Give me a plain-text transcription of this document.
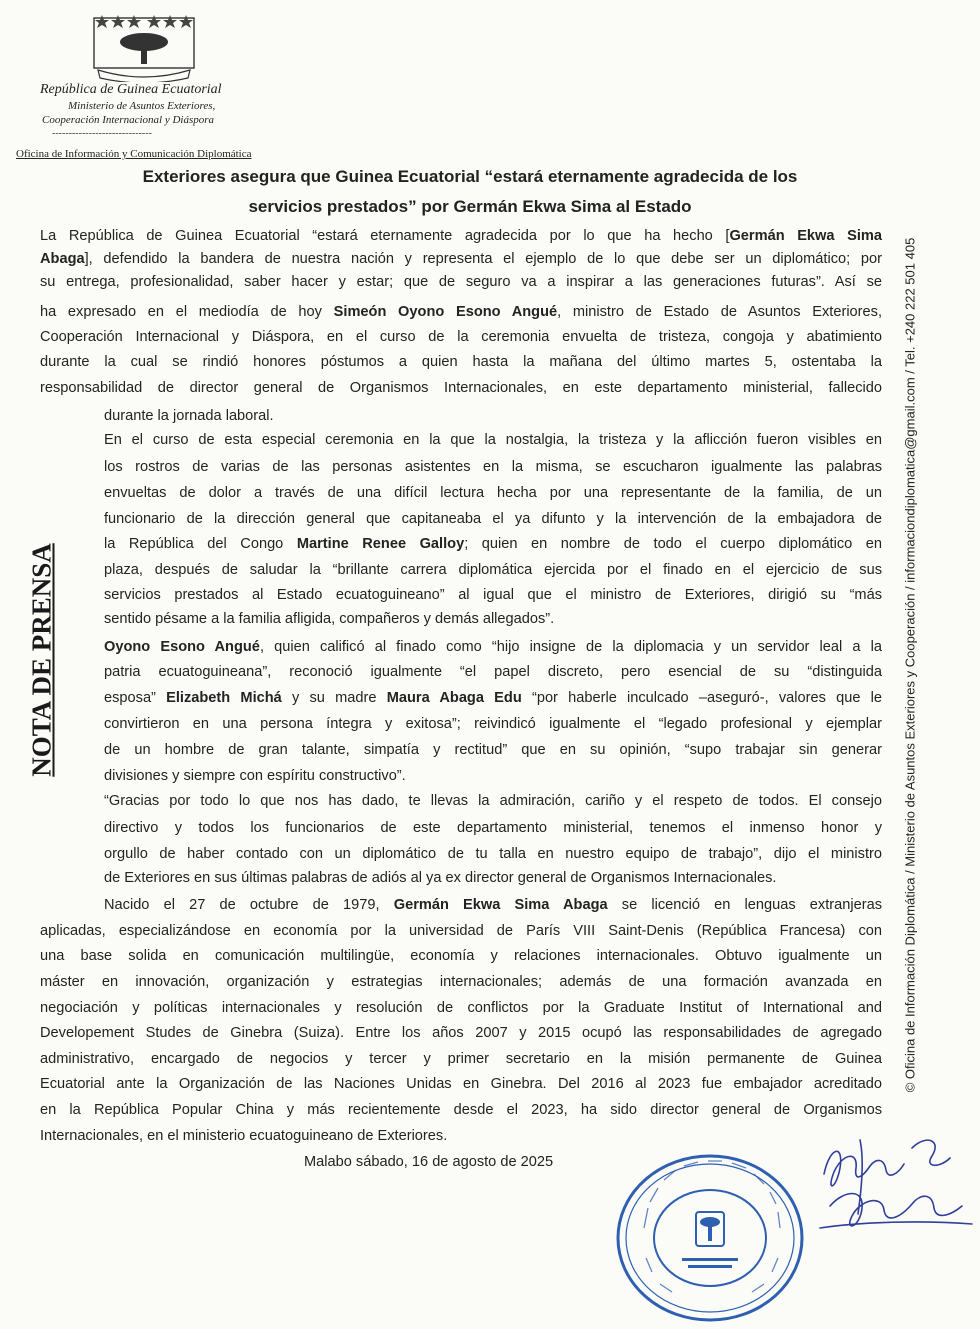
República de Guinea Ecuatorial
Ministerio de Asuntos Exteriores,
Cooperación Internacional y Diáspora
------------------------------
Oficina de Información y Comunicación Diplomática
Exteriores asegura que Guinea Ecuatorial “estará eternamente agradecida de los
servicios prestados” por Germán Ekwa Sima al Estado
NOTA DE PRENSA	© Oficina de Información Diplomática / Ministerio de Asuntos Exteriores y Cooperación / informaciondiplomatica@gmail.com / Tel. +240 222 501 405
La República de Guinea Ecuatorial “estará eternamente agradecida por lo que ha hecho [Germán Ekwa Sima
Abaga], defendido la bandera de nuestra nación y representa el ejemplo de lo que debe ser un diplomático; por
su entrega, profesionalidad, saber hacer y estar; que de seguro va a inspirar a las generaciones futuras”. Así se
ha expresado en el mediodía de hoy Simeón Oyono Esono Angué, ministro de Estado de Asuntos Exteriores,
Cooperación Internacional y Diáspora, en el curso de la ceremonia envuelta de tristeza, congoja y abatimiento
durante la cual se rindió honores póstumos a quien hasta la mañana del último martes 5, ostentaba la
responsabilidad de director general de Organismos Internacionales, en este departamento ministerial, fallecido
durante la jornada laboral.
En el curso de esta especial ceremonia en la que la nostalgia, la tristeza y la aflicción fueron visibles en
los rostros de varias de las personas asistentes en la misma, se escucharon igualmente las palabras
envueltas de dolor a través de una difícil lectura hecha por una representante de la familia, de un
funcionario de la dirección general que capitaneaba el ya difunto y la intervención de la embajadora de
la República del Congo Martine Renee Galloy; quien en nombre de todo el cuerpo diplomático en
plaza, después de saludar la “brillante carrera diplomática ejercida por el finado en el ejercicio de sus
servicios prestados al Estado ecuatoguineano” al igual que el ministro de Exteriores, dirigió su “más
sentido pésame a la familia afligida, compañeros y demás allegados”.
Oyono Esono Angué, quien calificó al finado como “hijo insigne de la diplomacia y un servidor leal a la
patria ecuatoguineana”, reconoció igualmente “el papel discreto, pero esencial de su “distinguida
esposa” Elizabeth Michá y su madre Maura Abaga Edu “por haberle inculcado –aseguró-, valores que le
convirtieron en una persona íntegra y exitosa”; reivindicó igualmente el “legado profesional y ejemplar
de un hombre de gran talante, simpatía y rectitud” que en su opinión, “supo trabajar sin generar
divisiones y siempre con espíritu constructivo”.
“Gracias por todo lo que nos has dado, te llevas la admiración, cariño y el respeto de todos. El consejo
directivo y todos los funcionarios de este departamento ministerial, tenemos el inmenso honor y
orgullo de haber contado con un diplomático de tu talla en nuestro equipo de trabajo”, dijo el ministro
de Exteriores en sus últimas palabras de adiós al ya ex director general de Organismos Internacionales.
Nacido el 27 de octubre de 1979, Germán Ekwa Sima Abaga se licenció en lenguas extranjeras
aplicadas, especializándose en economía por la universidad de París VIII Saint-Denis (República Francesa) con
una base solida en comunicación multilingüe, economía y relaciones internacionales. Obtuvo igualmente un
máster en innovación, organización y estrategias internacionales; además de una formación avanzada en
negociación y políticas internacionales y resolución de conflictos por la Graduate Institut of International and
Developement Studes de Ginebra (Suiza). Entre los años 2007 y 2015 ocupó las responsabilidades de agregado
administrativo, encargado de negocios y tercer y primer secretario en la misión permanente de Guinea
Ecuatorial ante la Organización de las Naciones Unidas en Ginebra. Del 2016 al 2023 fue embajador acreditado
en la República Popular China y más recientemente desde el 2023, ha sido director general de Organismos
Internacionales, en el ministerio ecuatoguineano de Exteriores.
Malabo sábado, 16 de agosto de 2025
